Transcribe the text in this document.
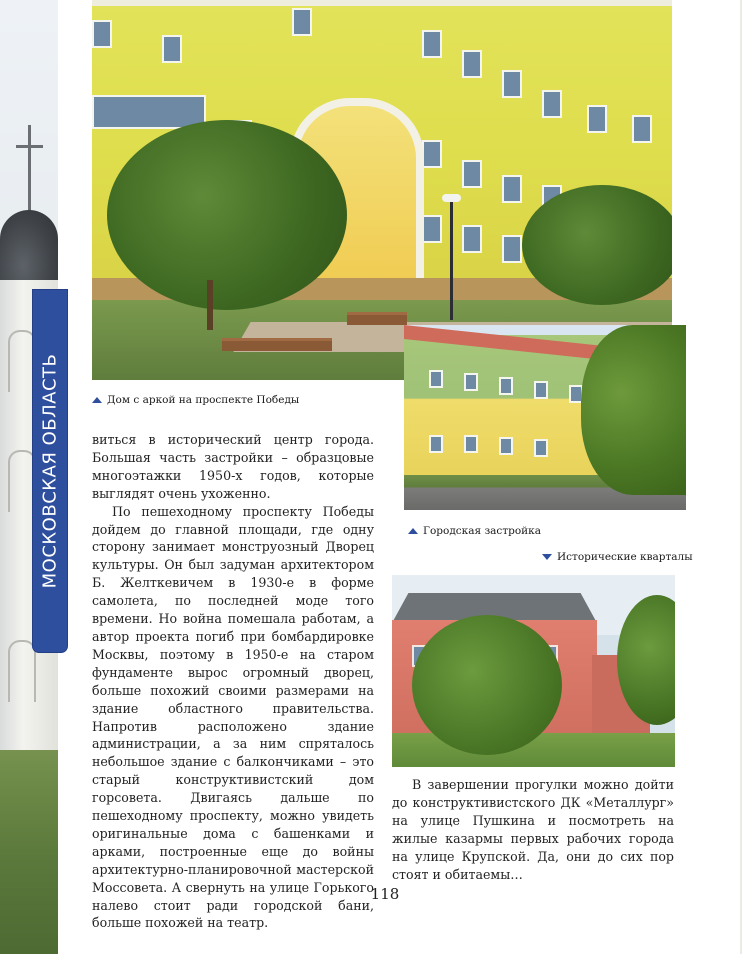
МОСКОВСКАЯ ОБЛАСТЬ	Дом с аркой на проспекте Победы
Городская застройка
Исторические кварталы

виться в исторический центр города. Большая часть застройки – образцовые многоэтажки 1950-х годов, которые выглядят очень ухоженно.

По пешеходному проспекту Победы дойдем до главной площади, где одну сторону занимает монструозный Дворец культуры. Он был задуман архитектором Б. Желткевичем в 1930-е в форме самолета, по последней моде того времени. Но война помешала работам, а автор проекта погиб при бомбардировке Москвы, поэтому в 1950-е на старом фундаменте вырос огромный дворец, больше похожий своими размерами на здание областного правительства. Напротив расположено здание администрации, а за ним спряталось небольшое здание с балкончиками – это старый конструктивистский дом горсовета. Двигаясь дальше по пешеходному проспекту, можно увидеть оригинальные дома с башенками и арками, построенные еще до войны архитектурно-планировочной мастерской Моссовета. А свернуть на улице Горького налево стоит ради городской бани, больше похожей на театр.

В завершении прогулки можно дойти до конструктивистского ДК «Металлург» на улице Пушкина и посмотреть на жилые казармы первых рабочих города на улице Крупской. Да, они до сих пор стоят и обитаемы…

118
